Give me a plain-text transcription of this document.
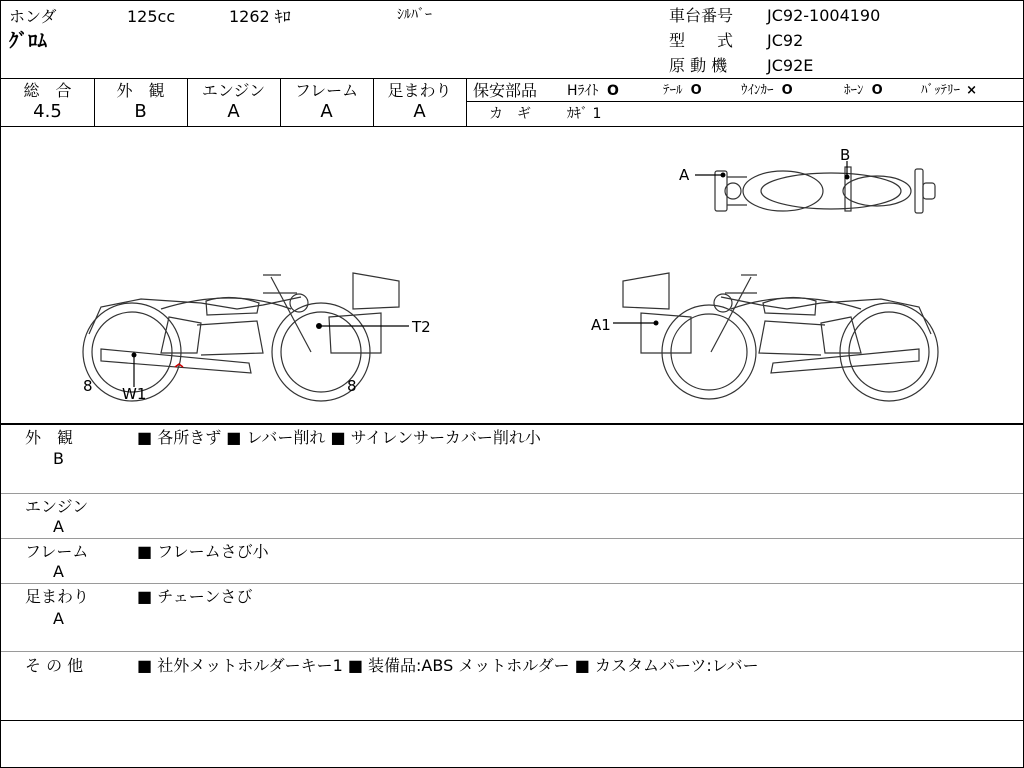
ホンダ	125cc	1262 ｷﾛ	ｼﾙﾊﾞｰ
ｸﾞﾛﾑ
車台番号 JC92-1004190
型　　式 JC92
原 動 機 JC92E
総　合
4.5
外　観
B
エンジン
A
フレーム
A
足まわり
A
保安部品 Hﾗｲﾄ O	ﾃｰﾙ O	ｳｲﾝｶｰ O	ﾎｰﾝ O	ﾊﾞｯﾃﾘｰ ×
カ　ギ	ｶｷﾞ 1
A
B
T2
W1
8	8
A1
外　観
B
■ 各所きず ■ レバー削れ ■ サイレンサーカバー削れ小
エンジン
A
フレーム
A
■ フレームさび小
足まわり
A
■ チェーンさび
そ の 他	■ 社外メットホルダーキー1 ■ 装備品:ABS メットホルダー ■ カスタムパーツ:レバー
